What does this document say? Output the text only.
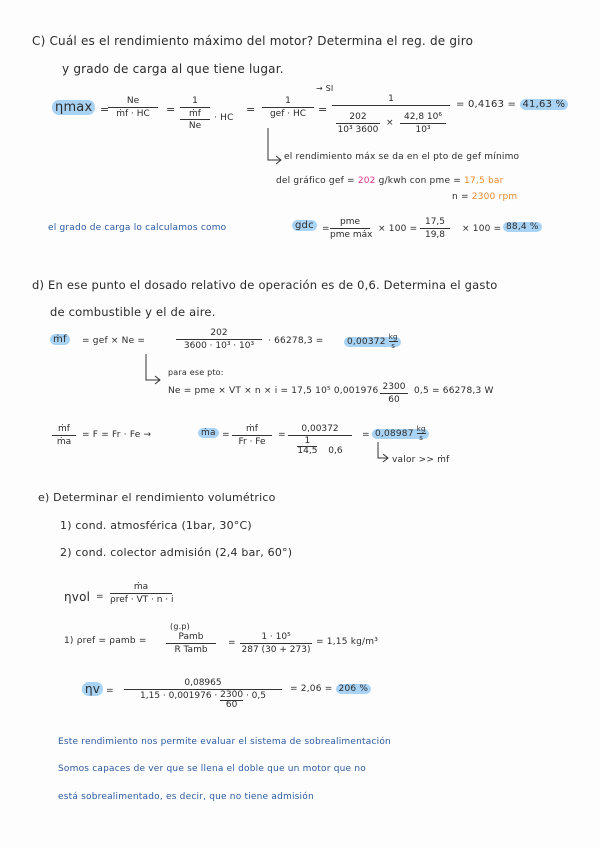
C) Cuál es el rendimiento máximo del motor? Determina el reg. de giro
y grado de carga al que tiene lugar.
→ SI
ηmax =
$\frac{Ne}{\text{ṁf · HC}}$ =
1
ṁf
Ne
· HC
=
1
gef · HC	=
1
$\frac{202}{\text{10³ 3600}} \times \frac{\text{42,8 10⁶}}{\text{10³}}$
= 0,4163 = 41,63 %
el rendimiento máx se da en el pto de gef mínimo
del gráfico gef = 202 g/kwh con pme = 17,5 bar
n = 2300 rpm
el grado de carga lo calculamos como	gdc =
pme
pme máx
× $100 = \frac{17,5}{19,8} \times 100 = 88,4$ %
d) En ese punto el dosado relativo de operación es de 0,6. Determina el gasto
de combustible y el de aire.
ṁf	= gef × Ne =	$\frac{202}{\text{3600 · 10³ · 10³}} \cdot 66278,3$ =	$0,00372 \frac{kg}{s}$
para ese pto:
Ne = pme × VT × n × i = 17,5 10⁵ $0,001976 \frac{2300}{60} 0,5 = 66278,3$ W
$\frac{\text{ṁf}}{\text{ṁa}} = F = Fr \cdot Fe$ →	ṁa = $\frac{\text{ṁf}}{Fr \cdot Fe} = \frac{0,00372}{\frac{1}{14,5} 0,6} = 0,08987 \frac{kg}{s}$
valor >> ṁf
e) Determinar el rendimiento volumétrico
1) cond. atmosférica (1bar, 30°C)
2) cond. colector admisión (2,4 bar, 60°)
ηvol =
ṁa
ρref · VT · n · i
(g.p)
1) ρref = ρamb =	Pamb
R Tamb
= $\frac{\text{1 · 10⁵}}{287 (30 + 273)} = 1,15$ kg/m³
$\eta v = \frac{0,08965}{1,15 \cdot 0,001976 \cdot \frac{2300}{60} \cdot 0,5} = 2,06 = 206$ %
Este rendimiento nos permite evaluar el sistema de sobrealimentación
Somos capaces de ver que se llena el doble que un motor que no
está sobrealimentado, es decir, que no tiene admisión
